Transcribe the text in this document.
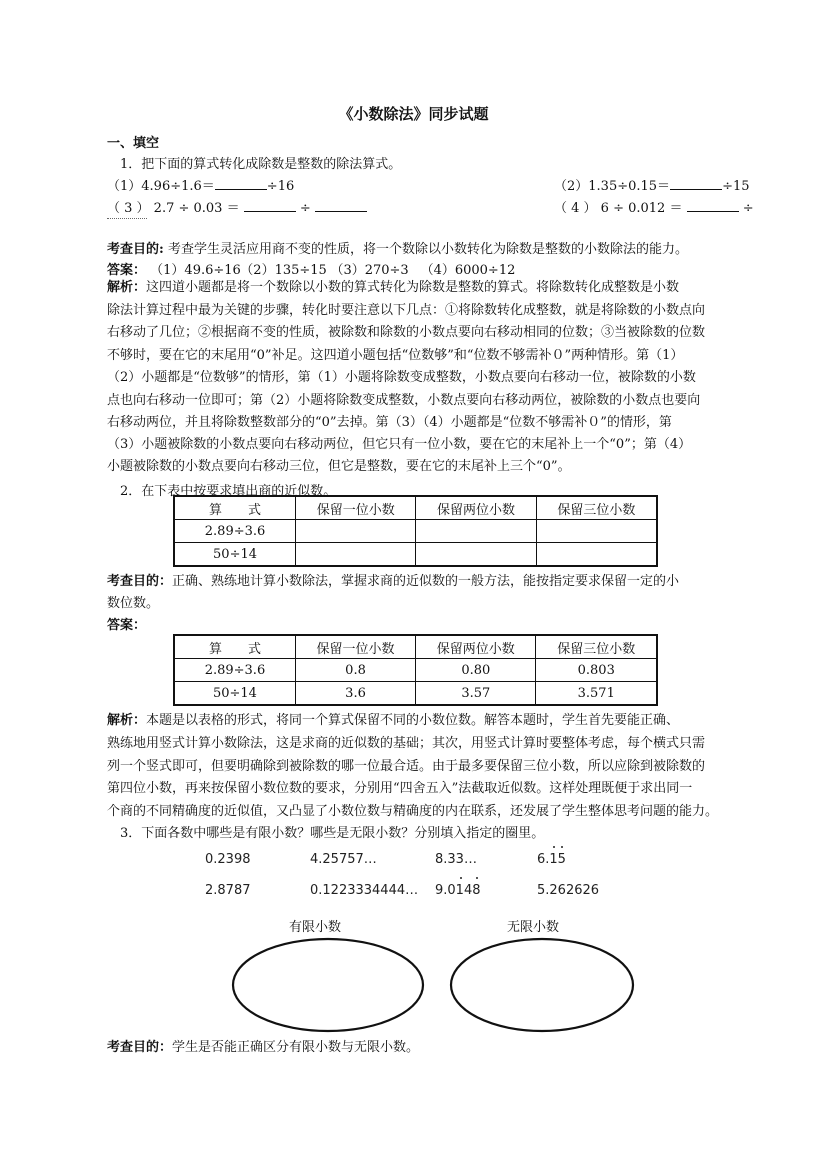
《小数除法》同步试题
一、填空
1．把下面的算式转化成除数是整数的除法算式。
（1）4.96÷1.6＝	÷16	（2）1.35÷0.15＝	÷15
（ 3 ） 2.7 ÷ 0.03 ＝	÷	（ 4 ） 6 ÷ 0.012 ＝	÷
考查目的: 考查学生灵活应用商不变的性质，将一个数除以小数转化为除数是整数的小数除法的能力。
答案： （1）49.6÷16 （2）135÷15 （3）270÷3 （4）6000÷12
解析：这四道小题都是将一个数除以小数的算式转化为除数是整数的算式。将除数转化成整数是小数
除法计算过程中最为关键的步骤，转化时要注意以下几点：①将除数转化成整数，就是将除数的小数点向
右移动了几位；②根据商不变的性质，被除数和除数的小数点要向右移动相同的位数；③当被除数的位数
不够时，要在它的末尾用“0”补足。这四道小题包括“位数够”和“位数不够需补０”两种情形。第（1）
（2）小题都是“位数够”的情形，第（1）小题将除数变成整数，小数点要向右移动一位，被除数的小数
点也向右移动一位即可；第（2）小题将除数变成整数，小数点要向右移动两位，被除数的小数点也要向
右移动两位，并且将除数整数部分的“0”去掉。第（3）（4）小题都是“位数不够需补０”的情形，第
（3）小题被除数的小数点要向右移动两位，但它只有一位小数，要在它的末尾补上一个“0”；第（4）
小题被除数的小数点要向右移动三位，但它是整数，要在它的末尾补上三个“0”。
2．在下表中按要求填出商的近似数。
算　　式	保留一位小数	保留两位小数	保留三位小数
2.89÷3.6			
50÷14			
考查目的：正确、熟练地计算小数除法，掌握求商的近似数的一般方法，能按指定要求保留一定的小
数位数。
答案：
算　　式	保留一位小数	保留两位小数	保留三位小数
2.89÷3.6	0.8	0.80	0.803
50÷14	3.6	3.57	3.571
解析：本题是以表格的形式，将同一个算式保留不同的小数位数。解答本题时，学生首先要能正确、
熟练地用竖式计算小数除法，这是求商的近似数的基础；其次，用竖式计算时要整体考虑，每个横式只需
列一个竖式即可，但要明确除到被除数的哪一位最合适。由于最多要保留三位小数，所以应除到被除数的
第四位小数，再来按保留小数位数的要求，分别用“四舍五入”法截取近似数。这样处理既便于求出同一
个商的不同精确度的近似值，又凸显了小数位数与精确度的内在联系，还发展了学生整体思考问题的能力。
3．下面各数中哪些是有限小数？哪些是无限小数？分别填入指定的圈里。
0.2398	4.25757…	8.33…	6.15
2.8787	0.1223334444… 9.0148	5.262626
有限小数	无限小数
考查目的：学生是否能正确区分有限小数与无限小数。
